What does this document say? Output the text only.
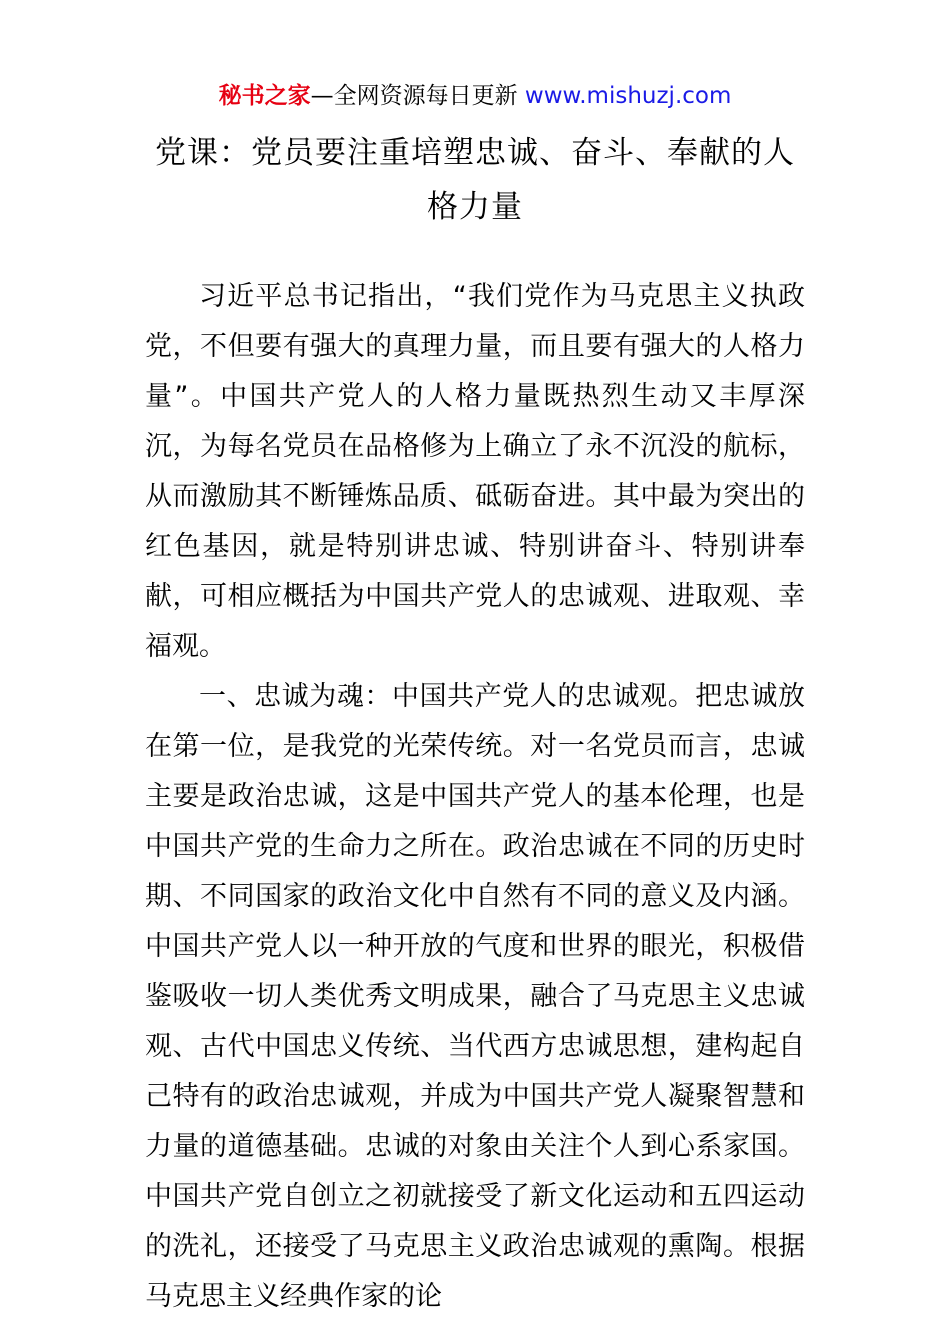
秘书之家—全网资源每日更新 www.mishuzj.com
党课：党员要注重培塑忠诚、奋斗、奉献的人格力量

习近平总书记指出，“我们党作为马克思主义执政党，不但要有强大的真理力量，而且要有强大的人格力量”。中国共产党人的人格力量既热烈生动又丰厚深沉，为每名党员在品格修为上确立了永不沉没的航标，从而激励其不断锤炼品质、砥砺奋进。其中最为突出的红色基因，就是特别讲忠诚、特别讲奋斗、特别讲奉献，可相应概括为中国共产党人的忠诚观、进取观、幸福观。

一、忠诚为魂：中国共产党人的忠诚观。把忠诚放在第一位，是我党的光荣传统。对一名党员而言，忠诚主要是政治忠诚，这是中国共产党人的基本伦理，也是中国共产党的生命力之所在。政治忠诚在不同的历史时期、不同国家的政治文化中自然有不同的意义及内涵。中国共产党人以一种开放的气度和世界的眼光，积极借鉴吸收一切人类优秀文明成果，融合了马克思主义忠诚观、古代中国忠义传统、当代西方忠诚思想，建构起自己特有的政治忠诚观，并成为中国共产党人凝聚智慧和力量的道德基础。忠诚的对象由关注个人到心系家国。中国共产党自创立之初就接受了新文化运动和五四运动的洗礼，还接受了马克思主义政治忠诚观的熏陶。根据马克思主义经典作家的论
